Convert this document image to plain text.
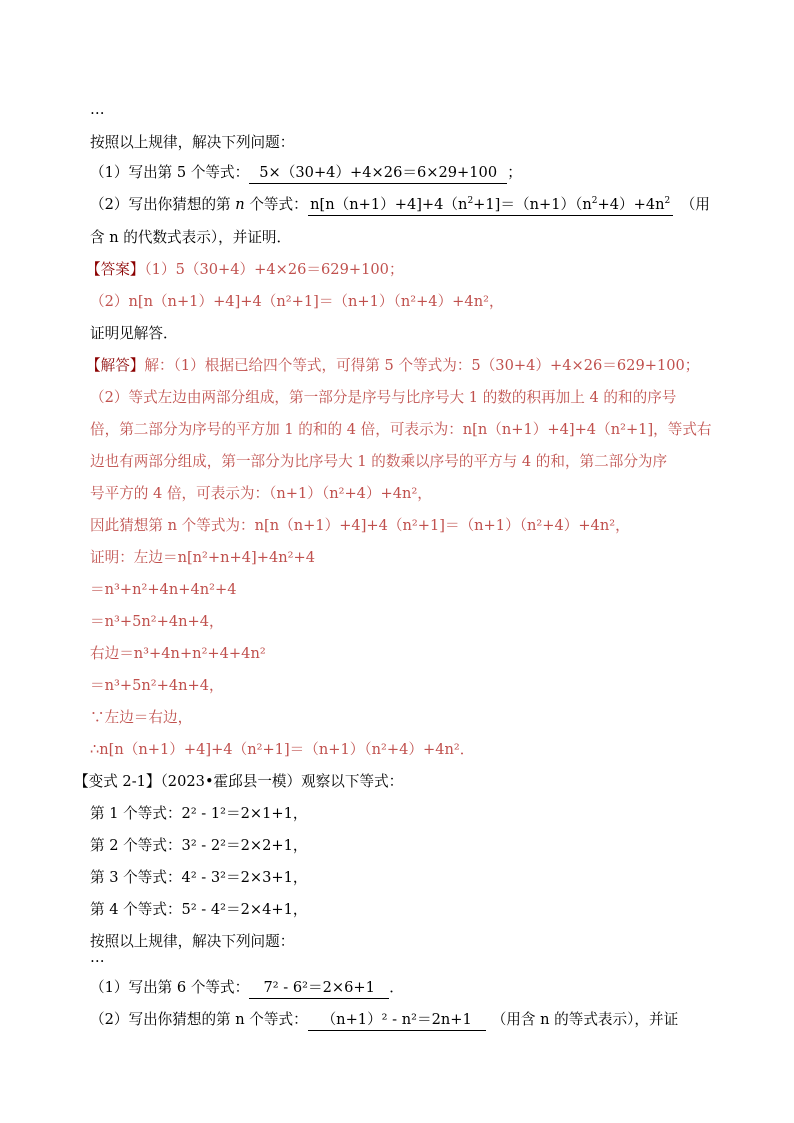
…
按照以上规律，解决下列问题：
（1）写出第 5 个等式： 5×（30+4）+4×26＝6×29+100 ；
（2）写出你猜想的第 n 个等式： $n[n(n+1)+4]+4(n^2+1]=(n+1)(n^2+4)+4n^2$ （用
含 n 的代数式表示），并证明．
【答案】（1）5（30+4）+4×26＝629+100；
（2）n[n（n+1）+4]+4（n²+1]＝（n+1）（n²+4）+4n²，
证明见解答．
【解答】解：（1）根据已给四个等式，可得第 5 个等式为：5（30+4）+4×26＝629+100；
（2）等式左边由两部分组成，第一部分是序号与比序号大 1 的数的积再加上 4 的和的序号
倍，第二部分为序号的平方加 1 的和的 4 倍，可表示为：n[n（n+1）+4]+4（n²+1]，等式右
边也有两部分组成，第一部分为比序号大 1 的数乘以序号的平方与 4 的和，第二部分为序
号平方的 4 倍，可表示为：（n+1）（n²+4）+4n²，
因此猜想第 n 个等式为：n[n（n+1）+4]+4（n²+1]＝（n+1）（n²+4）+4n²，
证明：左边＝n[n²+n+4]+4n²+4
＝n³+n²+4n+4n²+4
＝n³+5n²+4n+4，
右边＝n³+4n+n²+4+4n²
＝n³+5n²+4n+4，
∵左边＝右边，
∴n[n（n+1）+4]+4（n²+1]＝（n+1）（n²+4）+4n²．
【变式 2-1】（2023•霍邱县一模）观察以下等式：
第 1 个等式：2² - 1²＝2×1+1，
第 2 个等式：3² - 2²＝2×2+1，
第 3 个等式：4² - 3²＝2×3+1，
第 4 个等式：5² - 4²＝2×4+1，
按照以上规律，解决下列问题：
…
（1）写出第 6 个等式： 7² - 6²＝2×6+1 ．
（2）写出你猜想的第 n 个等式： （n+1）² - n²＝2n+1 （用含 n 的等式表示），并证
